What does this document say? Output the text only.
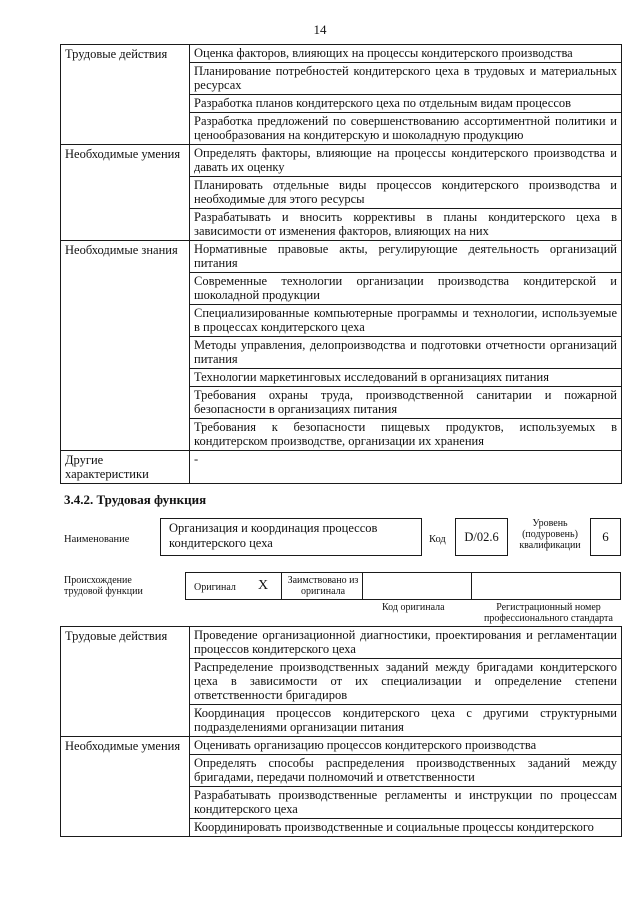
14
Трудовые действия	Оценка факторов, влияющих на процессы кондитерского производства
	Планирование потребностей кондитерского цеха в трудовых и материальных ресурсах
	Разработка планов кондитерского цеха по отдельным видам процессов
	Разработка предложений по совершенствованию ассортиментной политики и ценообразования на кондитерскую и шоколадную продукцию
Необходимые умения	Определять факторы, влияющие на процессы кондитерского производства и давать их оценку
	Планировать отдельные виды процессов кондитерского производства и необходимые для этого ресурсы
	Разрабатывать и вносить коррективы в планы кондитерского цеха в зависимости от изменения факторов, влияющих на них
Необходимые знания	Нормативные правовые акты, регулирующие деятельность организаций питания
	Современные технологии организации производства кондитерской и шоколадной продукции
	Специализированные компьютерные программы и технологии, используемые в процессах кондитерского цеха
	Методы управления, делопроизводства и подготовки отчетности организаций питания
	Технологии маркетинговых исследований в организациях питания
	Требования охраны труда, производственной санитарии и пожарной безопасности в организациях питания
	Требования к безопасности пищевых продуктов, используемых в кондитерском производстве, организации их хранения
Другие характеристики	-
3.4.2. Трудовая функция
Наименование
Организация и координация процессов кондитерского цеха	Код	D/02.6
Уровень (подуровень) квалификации
6
Происхождение трудовой функции	Оригинал X Заимствовано из оригинала
Код оригинала	Регистрационный номер профессионального стандарта
Трудовые действия	Проведение организационной диагностики, проектирования и регламентации процессов кондитерского цеха
	Распределение производственных заданий между бригадами кондитерского цеха в зависимости от их специализации и определение степени ответственности бригадиров
	Координация процессов кондитерского цеха с другими структурными подразделениями организации питания
Необходимые умения	Оценивать организацию процессов кондитерского производства
	Определять способы распределения производственных заданий между бригадами, передачи полномочий и ответственности
	Разрабатывать производственные регламенты и инструкции по процессам кондитерского цеха
	Координировать производственные и социальные процессы кондитерского
